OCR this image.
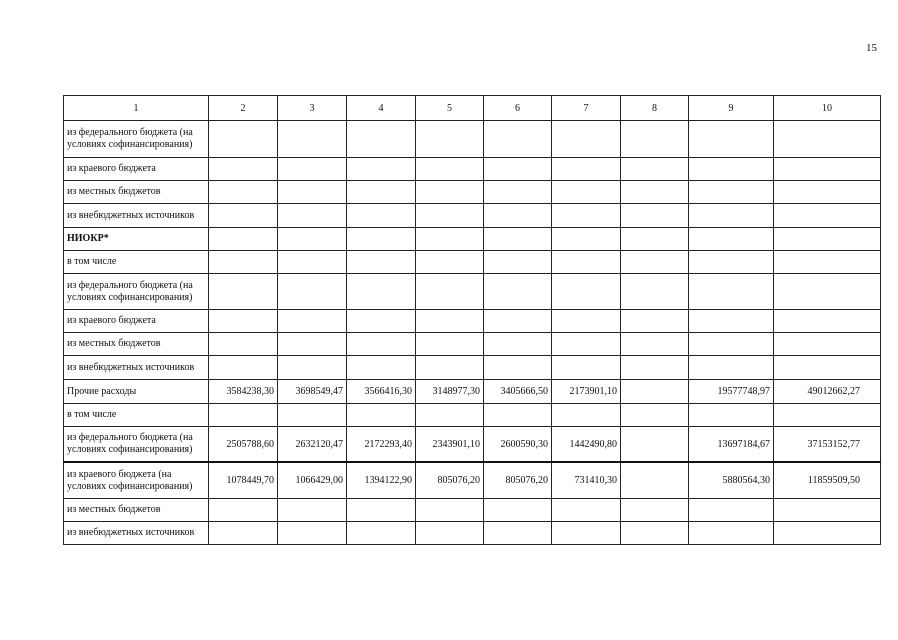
15
1	2	3	4	5	6	7	8	9	10
из федерального бюджета (на условиях софинансирования)									
из краевого бюджета									
из местных бюджетов									
из внебюджетных источников									
НИОКР*									
в том числе									
из федерального бюджета (на условиях софинансирования)									
из краевого бюджета									
из местных бюджетов									
из внебюджетных источников									
Прочие расходы	3584238,30	3698549,47	3566416,30	3148977,30	3405666,50	2173901,10		19577748,97	49012662,27
в том числе									
из федерального бюджета (на условиях софинансирования)	2505788,60	2632120,47	2172293,40	2343901,10	2600590,30	1442490,80		13697184,67	37153152,77
из краевого бюджета (на условиях софинансирования)	1078449,70	1066429,00	1394122,90	805076,20	805076,20	731410,30		5880564,30	11859509,50
из местных бюджетов									
из внебюджетных источников									
